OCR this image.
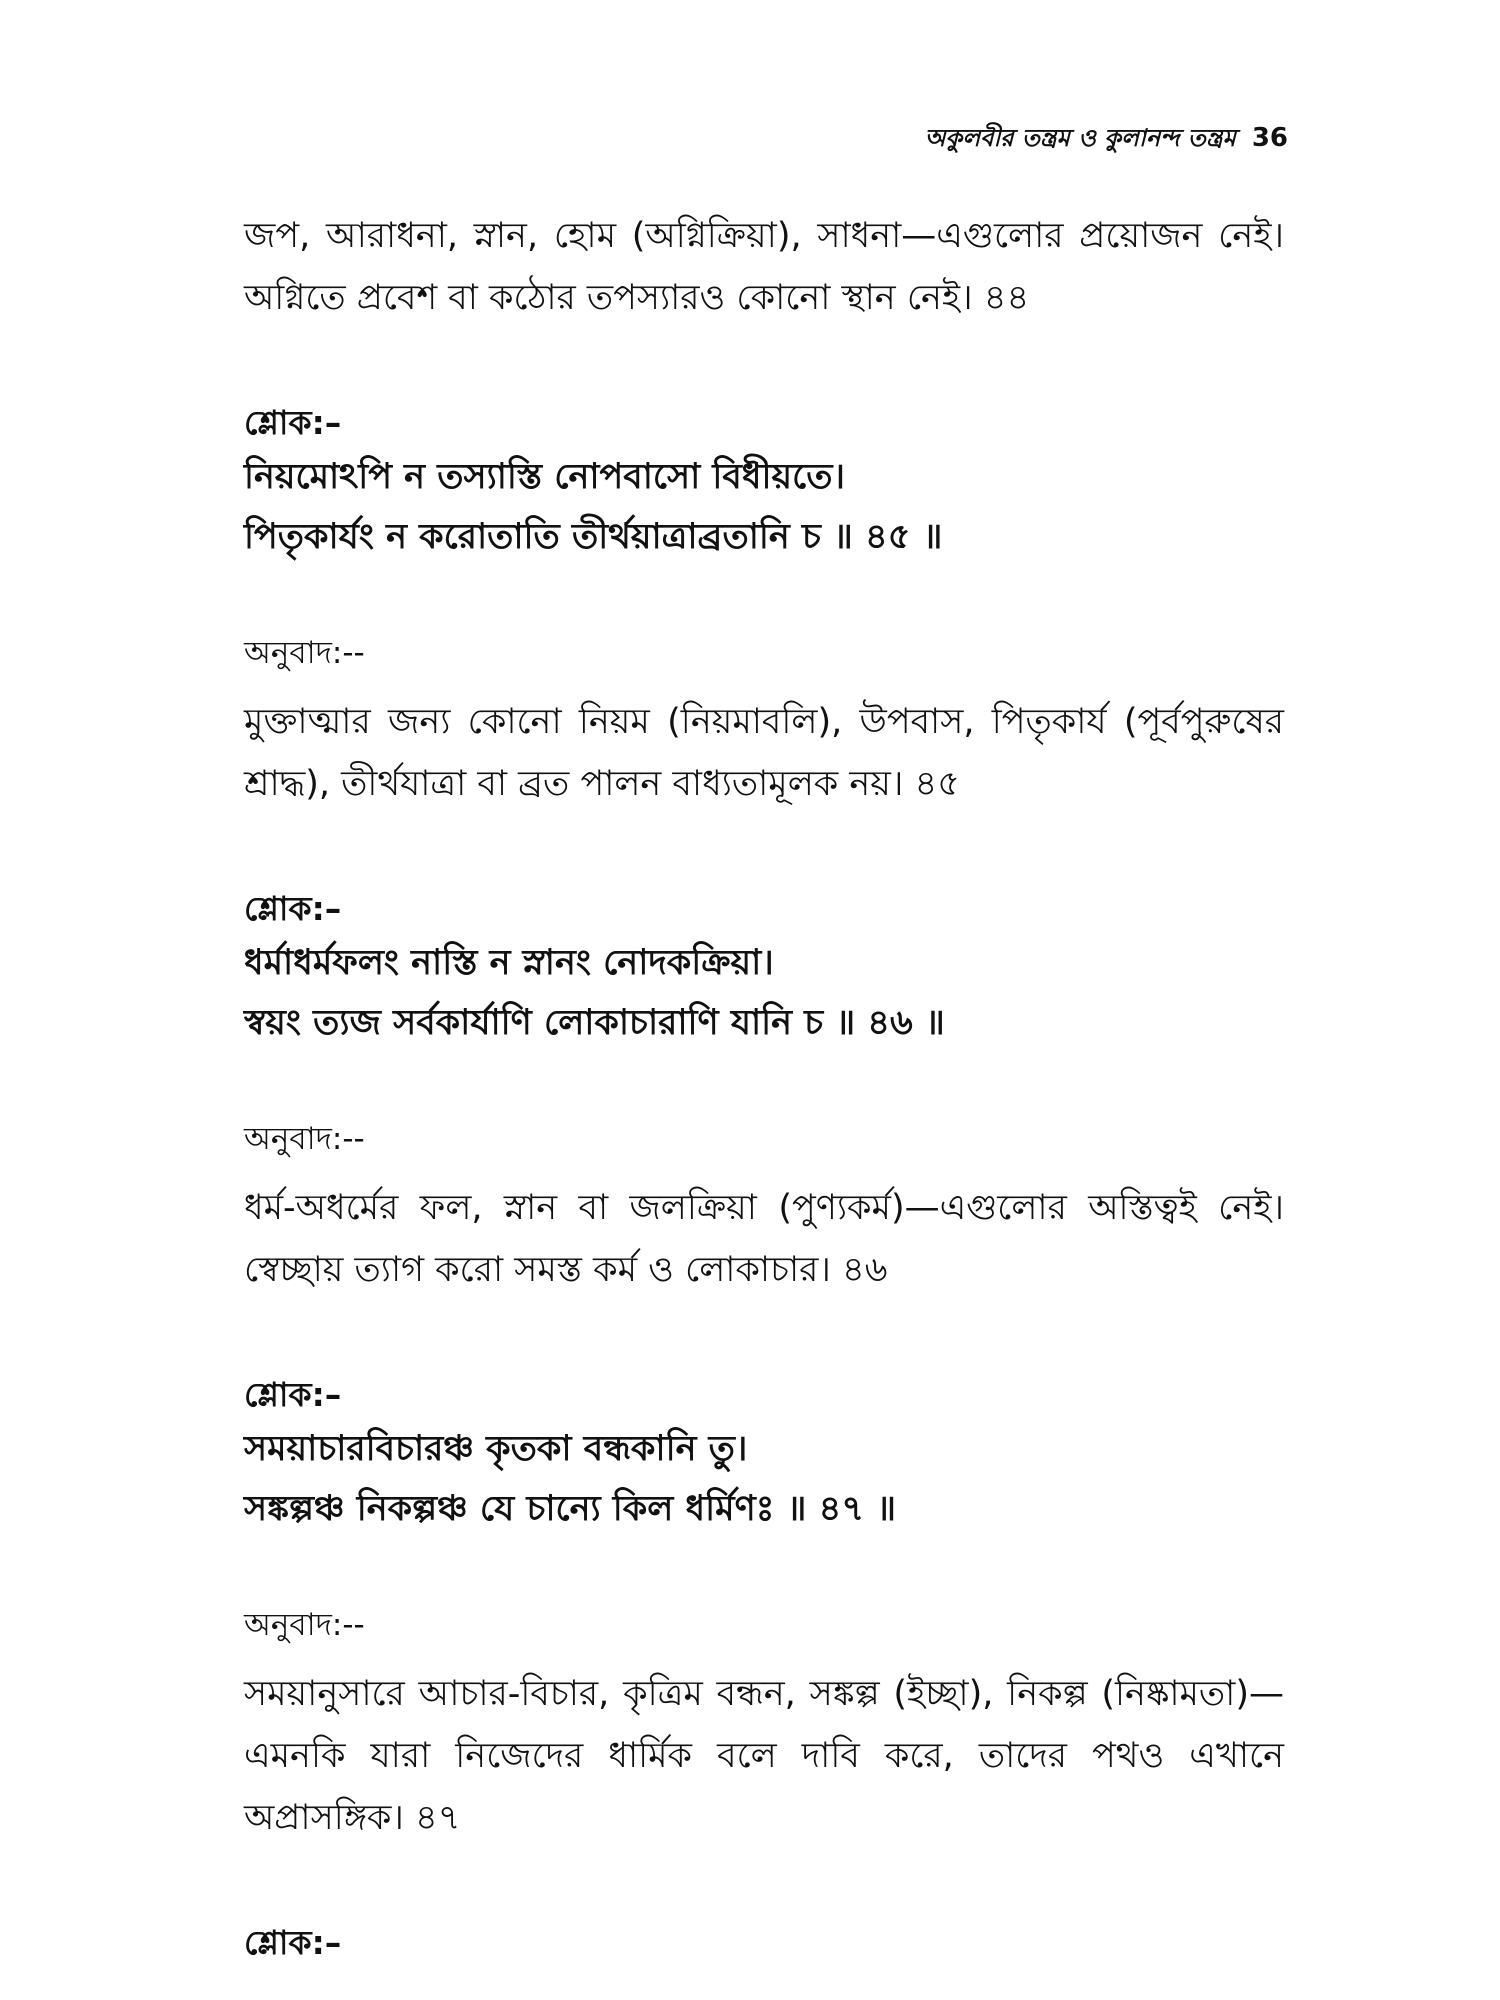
অকুলবীর তন্ত্রম ও কুলানন্দ তন্ত্রম 36

জপ, আরাধনা, স্নান, হোম (অগ্নিক্রিয়া), সাধনা—এগুলোর প্রয়োজন নেই। অগ্নিতে প্রবেশ বা কঠোর তপস্যারও কোনো স্থান নেই। ৪৪

শ্লোক:–

নিয়মোঽপি ন তস্যাস্তি নোপবাসো বিধীয়তে।

পিতৃকার্যং ন করোতাতি তীর্থয়াত্রাব্রতানি চ ॥ ৪৫ ॥

অনুবাদ:--

মুক্তাত্মার জন্য কোনো নিয়ম (নিয়মাবলি), উপবাস, পিতৃকার্য (পূর্বপুরুষের শ্রাদ্ধ), তীর্থযাত্রা বা ব্রত পালন বাধ্যতামূলক নয়। ৪৫

শ্লোক:–

ধর্মাধর্মফলং নাস্তি ন স্নানং নোদকক্রিয়া।

স্বয়ং ত্যজ সর্বকার্যাণি লোকাচারাণি যানি চ ॥ ৪৬ ॥

অনুবাদ:--

ধর্ম-অধর্মের ফল, স্নান বা জলক্রিয়া (পুণ্যকর্ম)—এগুলোর অস্তিত্বই নেই। স্বেচ্ছায় ত্যাগ করো সমস্ত কর্ম ও লোকাচার। ৪৬

শ্লোক:–

সময়াচারবিচারঞ্চ কৃতকা বন্ধকানি তু।

সঙ্কল্পঞ্চ নিকল্পঞ্চ যে চান্যে কিল ধর্মিণঃ ॥ ৪৭ ॥

অনুবাদ:--

সময়ানুসারে আচার-বিচার, কৃত্রিম বন্ধন, সঙ্কল্প (ইচ্ছা), নিকল্প (নিষ্কামতা)—এমনকি যারা নিজেদের ধার্মিক বলে দাবি করে, তাদের পথও এখানে অপ্রাসঙ্গিক। ৪৭

শ্লোক:–
